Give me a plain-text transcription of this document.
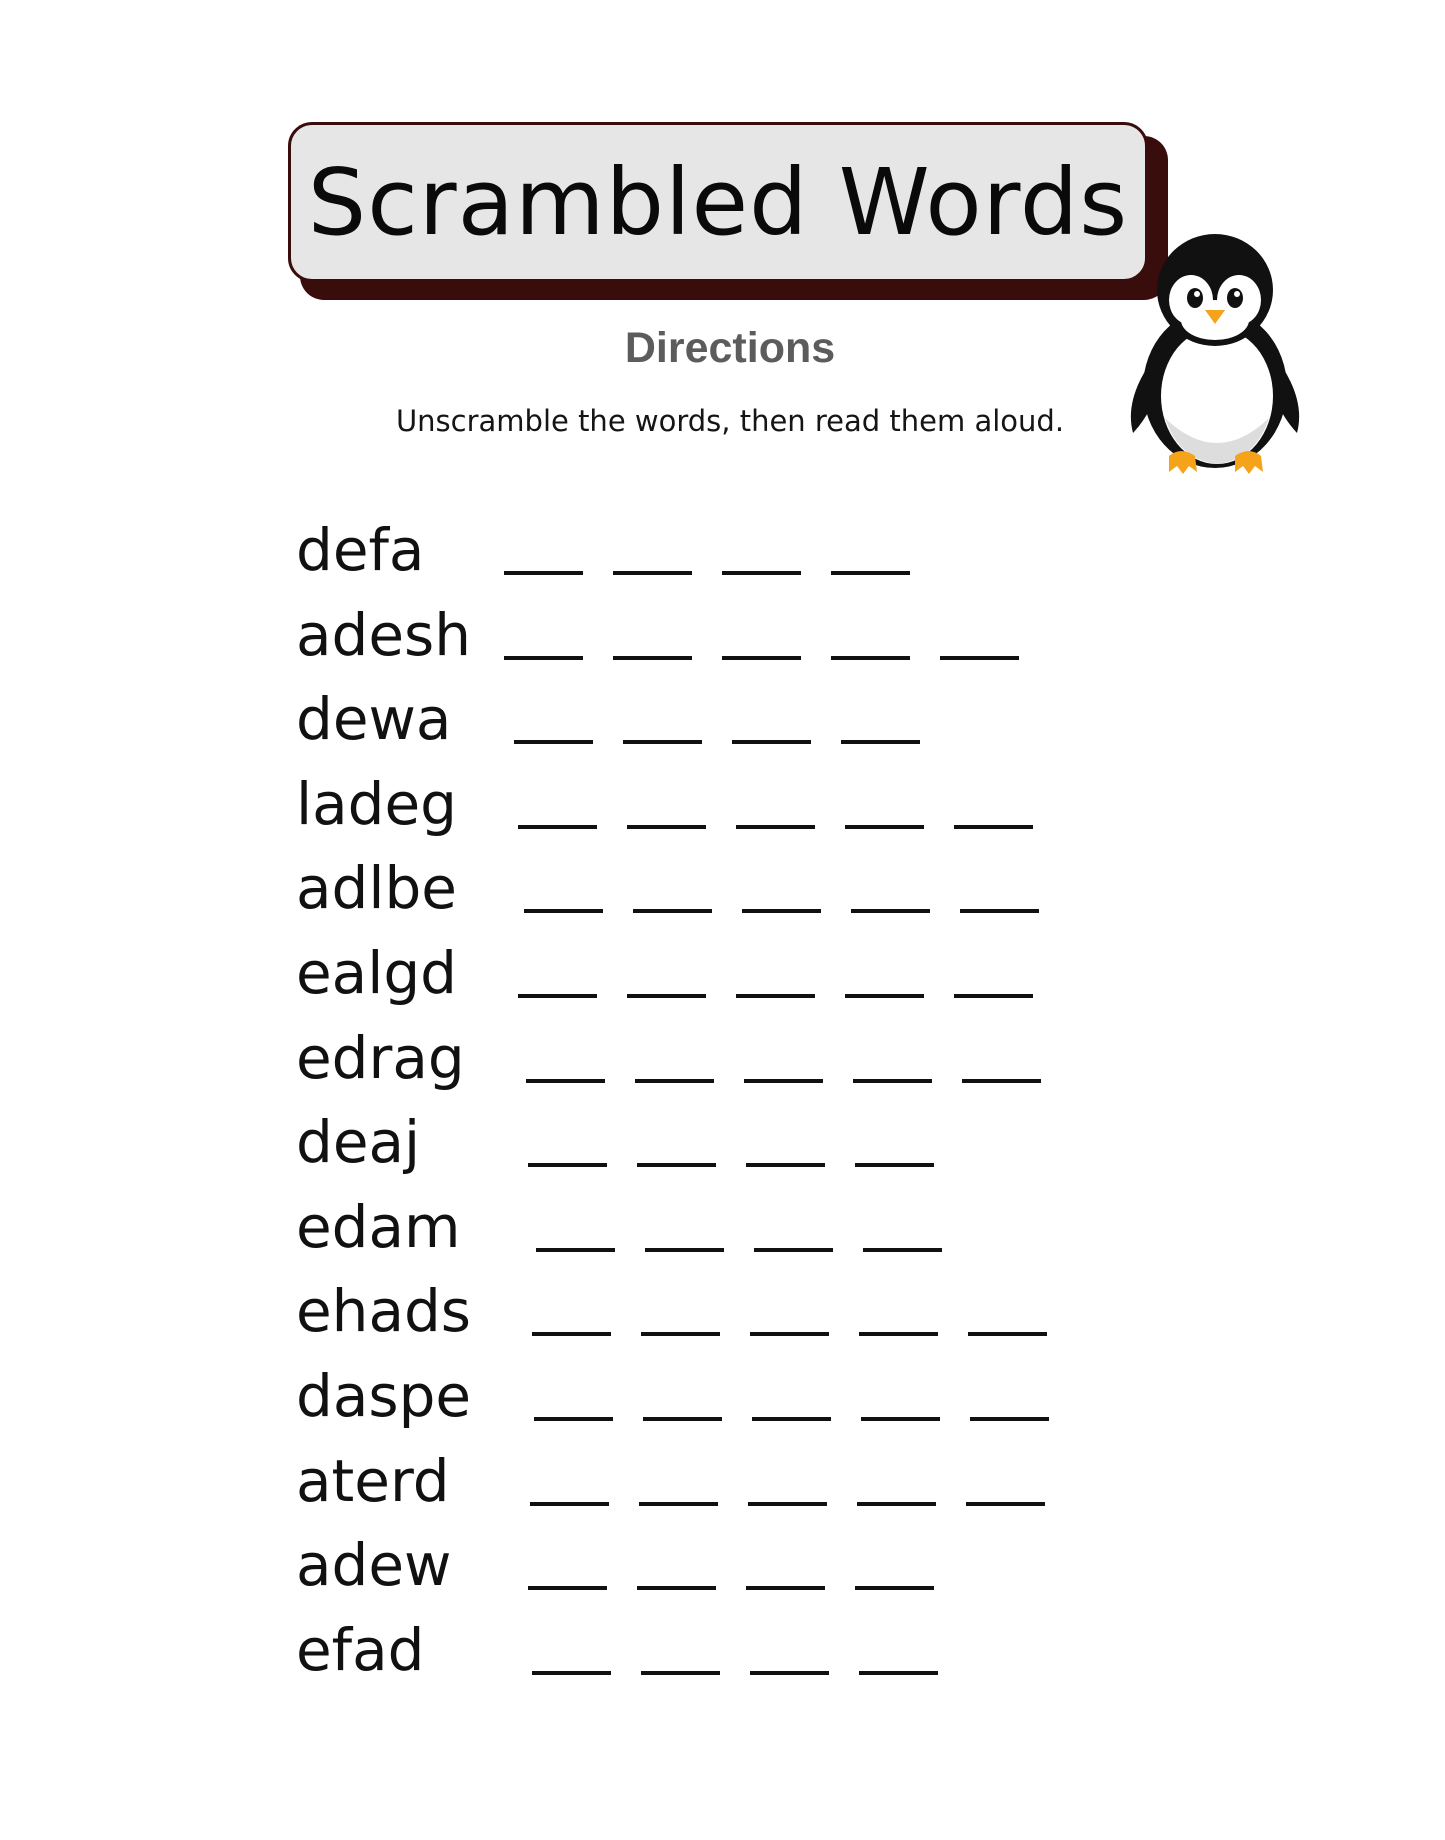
Scrambled Words
Directions
Unscramble the words, then read them aloud.
defa
adesh
dewa
ladeg
adlbe
ealgd
edrag
deaj
edam
ehads
daspe
aterd
adew
efad
